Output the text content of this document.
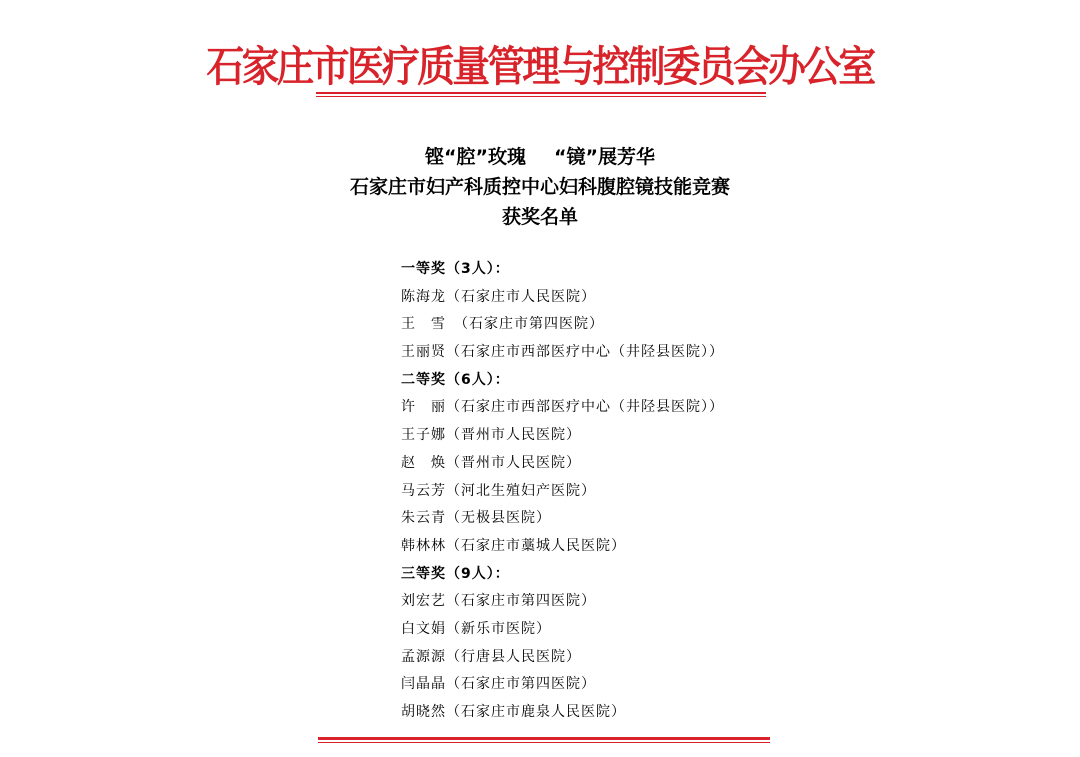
石家庄市医疗质量管理与控制委员会办公室
铿“腔”玫瑰 “镜”展芳华
石家庄市妇产科质控中心妇科腹腔镜技能竞赛
获奖名单
一等奖（3人）：
陈海龙（石家庄市人民医院）
王　雪　（石家庄市第四医院）
王丽贤（石家庄市西部医疗中心（井陉县医院））
二等奖（6人）：
许　丽（石家庄市西部医疗中心（井陉县医院））
王子娜（晋州市人民医院）
赵　焕（晋州市人民医院）
马云芳（河北生殖妇产医院）
朱云青（无极县医院）
韩林林（石家庄市藁城人民医院）
三等奖（9人）：
刘宏艺（石家庄市第四医院）
白文娟（新乐市医院）
孟源源（行唐县人民医院）
闫晶晶（石家庄市第四医院）
胡晓然（石家庄市鹿泉人民医院）
